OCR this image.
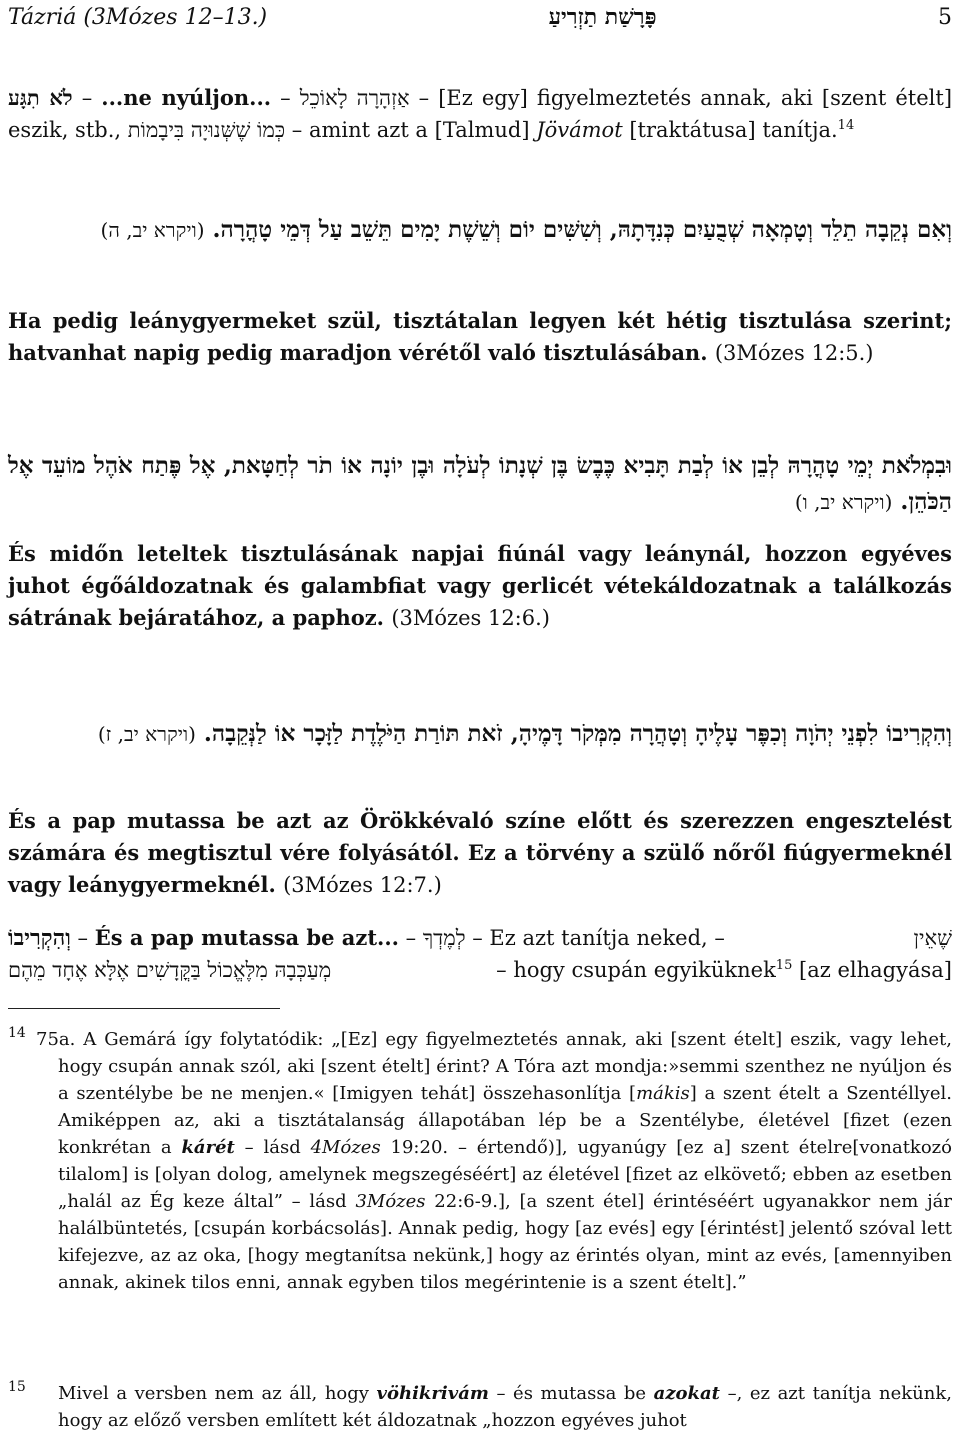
Tázriá (3Mózes 12–13.)	פָּרָשַׁת תַזְרִיעַ	5
לֹא תִגָּע – ...ne nyúljon... – אַזְהָרָה לָאוֹכֵל – [Ez egy] figyelmeztetés annak, aki [szent ételt] eszik, stb., כְּמוֹ שֶׁשְּׁנוּיָה בִּיבָמוֹת – amint azt a [Talmud] Jövámot [traktátusa] tanítja.$^{14}$
וְאִם נְקֵבָה תֵלֵד וְטָמְאָה שְׁבֻעַיִם כְּנִדָּתָהּ, וְשִׁשִּׁים יוֹם וְשֵׁשֶׁת יָמִים תֵּשֵׁב עַל דְּמֵי טָהֳרָה. (ויקרא יב, ה)
Ha pedig leánygyermeket szül, tisztátalan legyen két hétig tisztulása szerint; hatvanhat napig pedig maradjon vérétől való tisztulásában. (3Mózes 12:5.)
וּבִמְלֹאת יְמֵי טָהֳרָהּ לְבֵן אוֹ לְבַת תָּבִיא כֶּבֶשׂ בֶּן שְׁנָתוֹ לְעֹלָה וּבֶן יוֹנָה אוֹ תֹר לְחַטָּאת, אֶל פֶּתַח אֹהֶל מוֹעֵד אֶל הַכֹּהֵן. (ויקרא יב, ו)
És midőn leteltek tisztulásának napjai fiúnál vagy leánynál, hozzon egyéves juhot égőáldozatnak és galambfiat vagy gerlicét vétekáldozatnak a találkozás sátrának bejáratához, a paphoz. (3Mózes 12:6.)
וְהִקְרִיבוֹ לִפְנֵי יְהֹוָה וְכִפֶּר עָלֶיהָ וְטָהֲרָה מִמְּקֹר דָּמֶיהָ, זֹאת תּוֹרַת הַיֹּלֶדֶת לַזָּכָר אוֹ לַנְּקֵבָה. (ויקרא יב, ז)
És a pap mutassa be azt az Örökkévaló színe előtt és szerezzen engesztelést számára és megtisztul vére folyásától. Ez a törvény a szülő nőről fiúgyermeknél vagy leánygyermeknél. (3Mózes 12:7.)
וְהִקְרִיבוֹ – És a pap mutassa be azt... – לְמֶדְךָ – Ez azt tanítja neked, –	שֶׁאֵין
מְעַכְּבָהּ מִלֶּאֱכוֹל בַּקֳּדָשִׁים אֶלָּא אֶחָד מֵהֶם	– hogy csupán egyiküknek$^{15}$ [az elhagyása]
14 75a. A Gemárá így folytatódik: „[Ez] egy figyelmeztetés annak, aki [szent ételt] eszik, vagy lehet, hogy csupán annak szól, aki [szent ételt] érint? A Tóra azt mondja:»semmi szenthez ne nyúljon és a szentélybe be ne menjen.« [Imigyen tehát] összehasonlítja [mákis] a szent ételt a Szentéllyel. Amiképpen az, aki a tisztátalanság állapotában lép be a Szentélybe, életével [fizet (ezen konkrétan a kárét – lásd 4Mózes 19:20. – értendő)], ugyanúgy [ez a] szent ételre[vonatkozó tilalom] is [olyan dolog, amelynek megszegéséért] az életével [fizet az elkövető; ebben az esetben „halál az Ég keze által” – lásd 3Mózes 22:6-9.], [a szent étel] érintéséért ugyanakkor nem jár halálbüntetés, [csupán korbácsolás]. Annak pedig, hogy [az evés] egy [érintést] jelentő szóval lett kifejezve, az az oka, [hogy megtanítsa nekünk,] hogy az érintés olyan, mint az evés, [amennyiben annak, akinek tilos enni, annak egyben tilos megérintenie is a szent ételt].”
15 Mivel a versben nem az áll, hogy vöhikrivám – és mutassa be azokat –, ez azt tanítja nekünk, hogy az előző versben említett két áldozatnak „hozzon egyéves juhot
